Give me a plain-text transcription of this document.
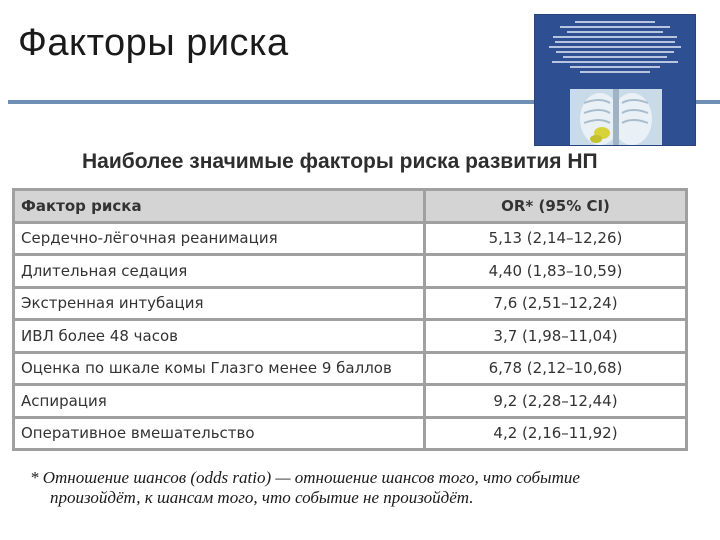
Факторы риска
Наиболее значимые факторы риска развития НП
Фактор риска	OR* (95% CI)
Сердечно-лёгочная реанимация	5,13 (2,14–12,26)
Длительная седация	4,40 (1,83–10,59)
Экстренная интубация	7,6 (2,51–12,24)
ИВЛ более 48 часов	3,7 (1,98–11,04)
Оценка по шкале комы Глазго менее 9 баллов	6,78 (2,12–10,68)
Аспирация	9,2 (2,28–12,44)
Оперативное вмешательство	4,2 (2,16–11,92)
* Отношение шансов (odds ratio) — отношение шансов того, что событие
произойдёт, к шансам того, что событие не произойдёт.
